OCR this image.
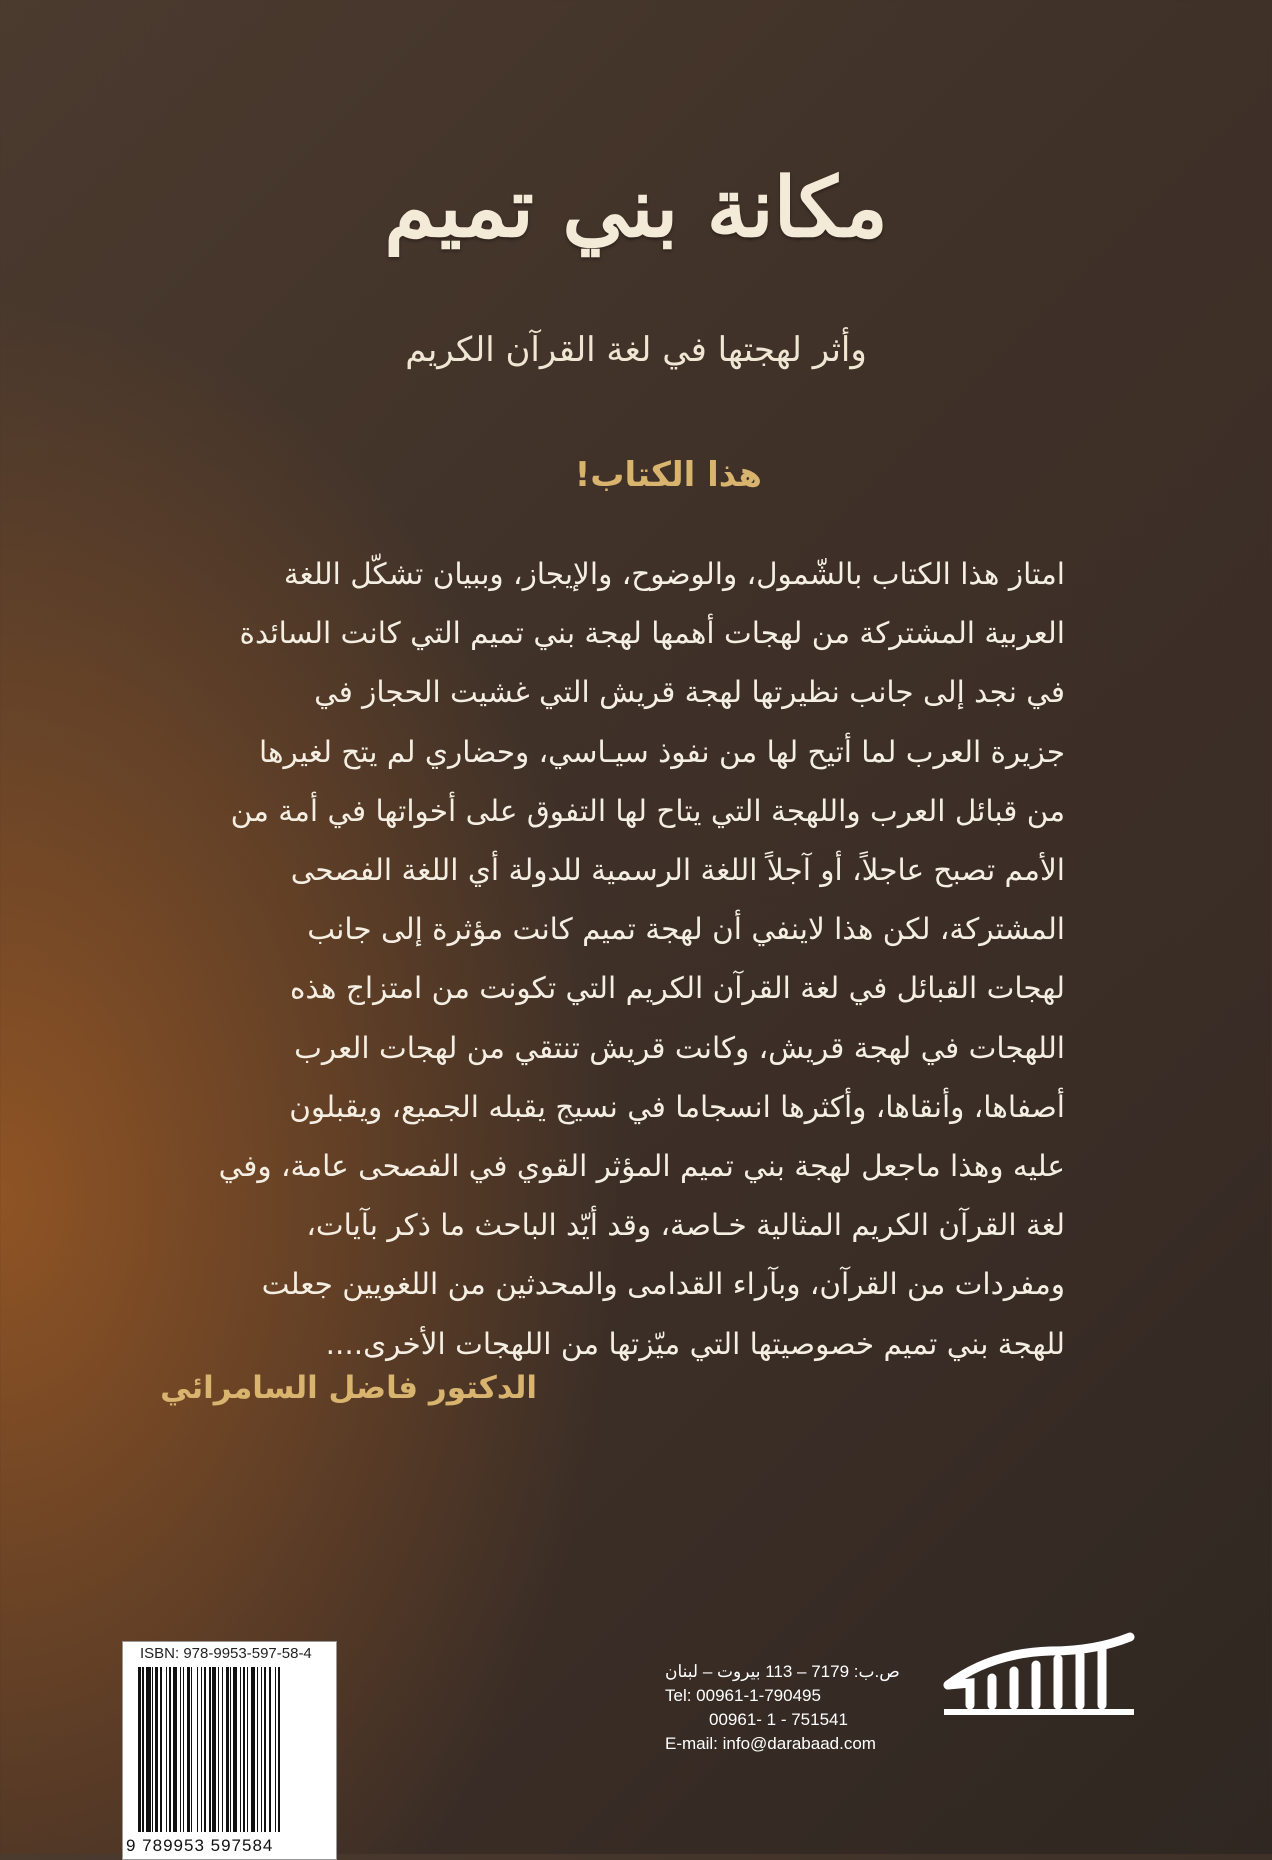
مكانة بني تميم
وأثر لهجتها في لغة القرآن الكريم
هذا الكتاب!

امتاز هذا الكتاب بالشّمول، والوضوح، والإيجاز، وببيان تشكّل اللغة

العربية المشتركة من لهجات أهمها لهجة بني تميم التي كانت السائدة

في نجد إلى جانب نظيرتها لهجة قريش التي غشيت الحجاز في

جزيرة العرب لما أتيح لها من نفوذ سيـاسي، وحضاري لم يتح لغيرها

من قبائل العرب واللهجة التي يتاح لها التفوق على أخواتها في أمة من

الأمم تصبح عاجلاً، أو آجلاً اللغة الرسمية للدولة أي اللغة الفصحى

المشتركة، لكن هذا لاينفي أن لهجة تميم كانت مؤثرة إلى جانب

لهجات القبائل في لغة القرآن الكريم التي تكونت من امتزاج هذه

اللهجات في لهجة قريش، وكانت قريش تنتقي من لهجات العرب

أصفاها، وأنقاها، وأكثرها انسجاما في نسيج يقبله الجميع، ويقبلون

عليه وهذا ماجعل لهجة بني تميم المؤثر القوي في الفصحى عامة، وفي

لغة القرآن الكريم المثالية خـاصة، وقد أيّد الباحث ما ذكر بآيات،

ومفردات من القرآن، وبآراء القدامى والمحدثين من اللغويين جعلت

للهجة بني تميم خصوصيتها التي ميّزتها من اللهجات الأخرى....

الدكتور فاضل السامرائي
ISBN: 978-9953-597-58-4
9 789953 597584
ص.ب: 7179 – 113 بيروت – لبنان
Tel: 00961-1-790495
00961- 1 - 751541
E-mail: info@darabaad.com
